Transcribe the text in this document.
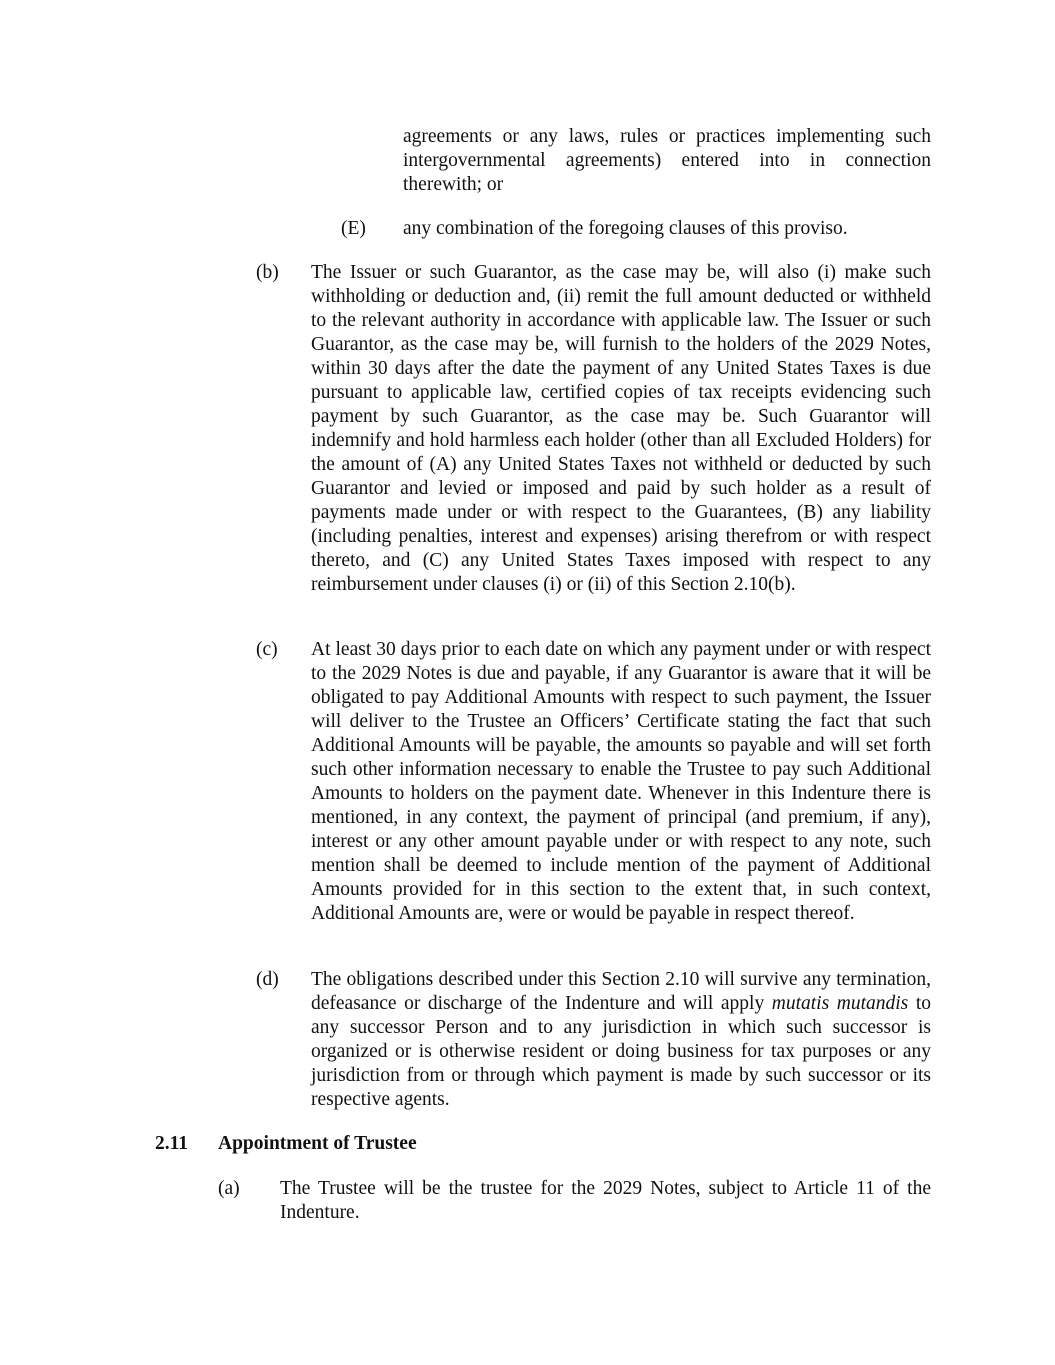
agreements or any laws, rules or practices implementing such intergovernmental agreements) entered into in connection therewith; or
(E) any combination of the foregoing clauses of this proviso.
(b) The Issuer or such Guarantor, as the case may be, will also (i) make such withholding or deduction and, (ii) remit the full amount deducted or withheld to the relevant authority in accordance with applicable law. The Issuer or such Guarantor, as the case may be, will furnish to the holders of the 2029 Notes, within 30 days after the date the payment of any United States Taxes is due pursuant to applicable law, certified copies of tax receipts evidencing such payment by such Guarantor, as the case may be. Such Guarantor will indemnify and hold harmless each holder (other than all Excluded Holders) for the amount of (A) any United States Taxes not withheld or deducted by such Guarantor and levied or imposed and paid by such holder as a result of payments made under or with respect to the Guarantees, (B) any liability (including penalties, interest and expenses) arising therefrom or with respect thereto, and (C) any United States Taxes imposed with respect to any reimbursement under clauses (i) or (ii) of this Section 2.10(b).
(c) At least 30 days prior to each date on which any payment under or with respect to the 2029 Notes is due and payable, if any Guarantor is aware that it will be obligated to pay Additional Amounts with respect to such payment, the Issuer will deliver to the Trustee an Officers’ Certificate stating the fact that such Additional Amounts will be payable, the amounts so payable and will set forth such other information necessary to enable the Trustee to pay such Additional Amounts to holders on the payment date. Whenever in this Indenture there is mentioned, in any context, the payment of principal (and premium, if any), interest or any other amount payable under or with respect to any note, such mention shall be deemed to include mention of the payment of Additional Amounts provided for in this section to the extent that, in such context, Additional Amounts are, were or would be payable in respect thereof.
(d) The obligations described under this Section 2.10 will survive any termination, defeasance or discharge of the Indenture and will apply mutatis mutandis to any successor Person and to any jurisdiction in which such successor is organized or is otherwise resident or doing business for tax purposes or any jurisdiction from or through which payment is made by such successor or its respective agents.
2.11 Appointment of Trustee
(a) The Trustee will be the trustee for the 2029 Notes, subject to Article 11 of the Indenture.
